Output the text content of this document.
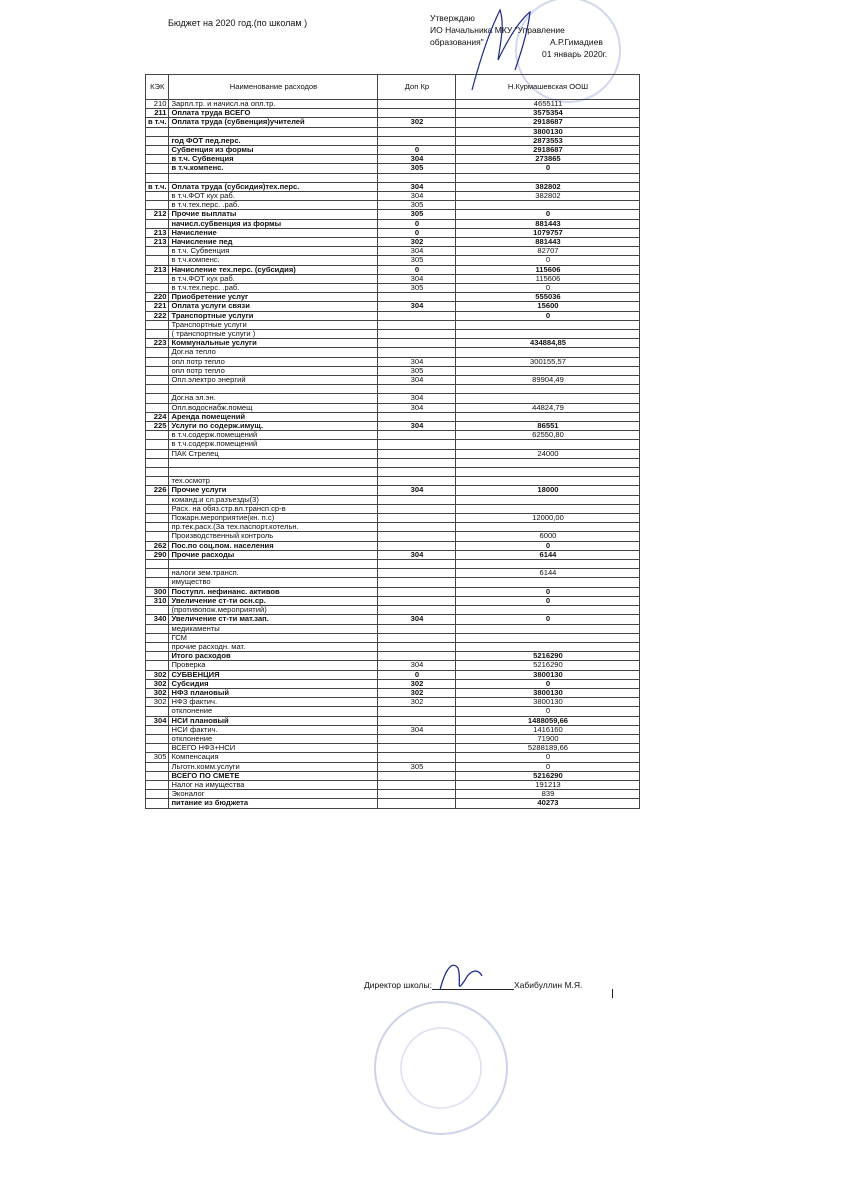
Бюджет на 2020 год.(по школам )	Утверждаю
ИО Начальника МКУ "Управление
образования"	А.Р.Гимадиев
01 январь 2020г.
КЭК	Наименование расходов	Доп Кр	Н.Курмашевская ООШ
210	Зарпл.тр. и начисл.на опл.тр.		4655111
211	Оплата труда ВСЕГО		3575354
в т.ч.	Оплата труда (субвенция)учителей	302	2918687
			3800130
	год ФОТ пед.перс.		2873553
	Субвенция из формы	0	2918687
	в т.ч. Субвенция	304	273865
	в т.ч.компенс.	305	0

в т.ч.	Оплата труда (субсидия)тех.перс.	304	382802
	в т.ч.ФОТ кух раб.	304	382802
	в т.ч.тех.перс. .раб.	305	
212	Прочие выплаты	305	0
	начисл.субвенция из формы	0	881443
213	Начисление	0	1079757
213	Начисление пед	302	881443
	в т.ч. Субвенция	304	82707
	в т.ч.компенс.	305	0
213	Начисление тех.перс. (субсидия)	0	115606
	в т.ч.ФОТ кух раб.	304	115606
	в т.ч.тех.перс. .раб.	305	0
220	Приобретение услуг		555036
221	Оплата услуги связи	304	15600
222	Транспортные услуги		0
	Транспортные услуги		
	( транспортные услуги )		
223	Коммунальные услуги		434884,85
	Дог.на тепло		
	опл потр тепло	304	300155,57
	опл потр тепло	305	
	Опл.электро энергий	304	89904,49

	Дог.на эл.эн.	304	
	Опл.водоснабж.помещ	304	44824,79
224	Аренда помещений		
225	Услуги по содерж.имущ.	304	86551
	в т.ч.содерж.помещений		62550,80
	в т.ч.содерж.помещений		
	ПАК Стрелец		24000

	тех.осмотр		
226	Прочие услуги	304	18000
	команд.и сл.разъезды(3)		
	Расх. на обяз.стр.вл.трансп.ср-в		
	Пожарн.мероприятие(кн. п.с)		12000,00
	пр.тек.расх.(За тех.паспорт.котельн.		
	Производственный контроль		6000
262	Пос.по соц.пом. населения		0
290	Прочие расходы	304	6144

	налоги зем.трансп.		6144
	имущество		
300	Поступл. нефинанс. активов		0
310	Увеличение ст-ти осн.ср.		0
	(противопож.мероприятий)		
340	Увеличение ст-ти мат.зап.	304	0
	медикаменты		
	ГСМ		
	прочие расходн. мат.		
	Итого расходов		5216290
	Проверка	304	5216290
302	СУБВЕНЦИЯ	0	3800130
302	Субсидия	302	0
302	НФЗ плановый	302	3800130
302	НФЗ фактич.	302	3800130
	отклонение		0
304	НСИ плановый		1488059,66
	НСИ фактич.	304	1416160
	отклонение		71900
	ВСЕГО НФЗ+НСИ		5288189,66
305	Компенсация		0
	Льготн.комм.услуги	305	0
	ВСЕГО ПО СМЕТЕ		5216290
	Налог на имущества		191213
	Эконалог		839
	питание из бюджета		40273
Директор школы:	Хабибуллин М.Я.
